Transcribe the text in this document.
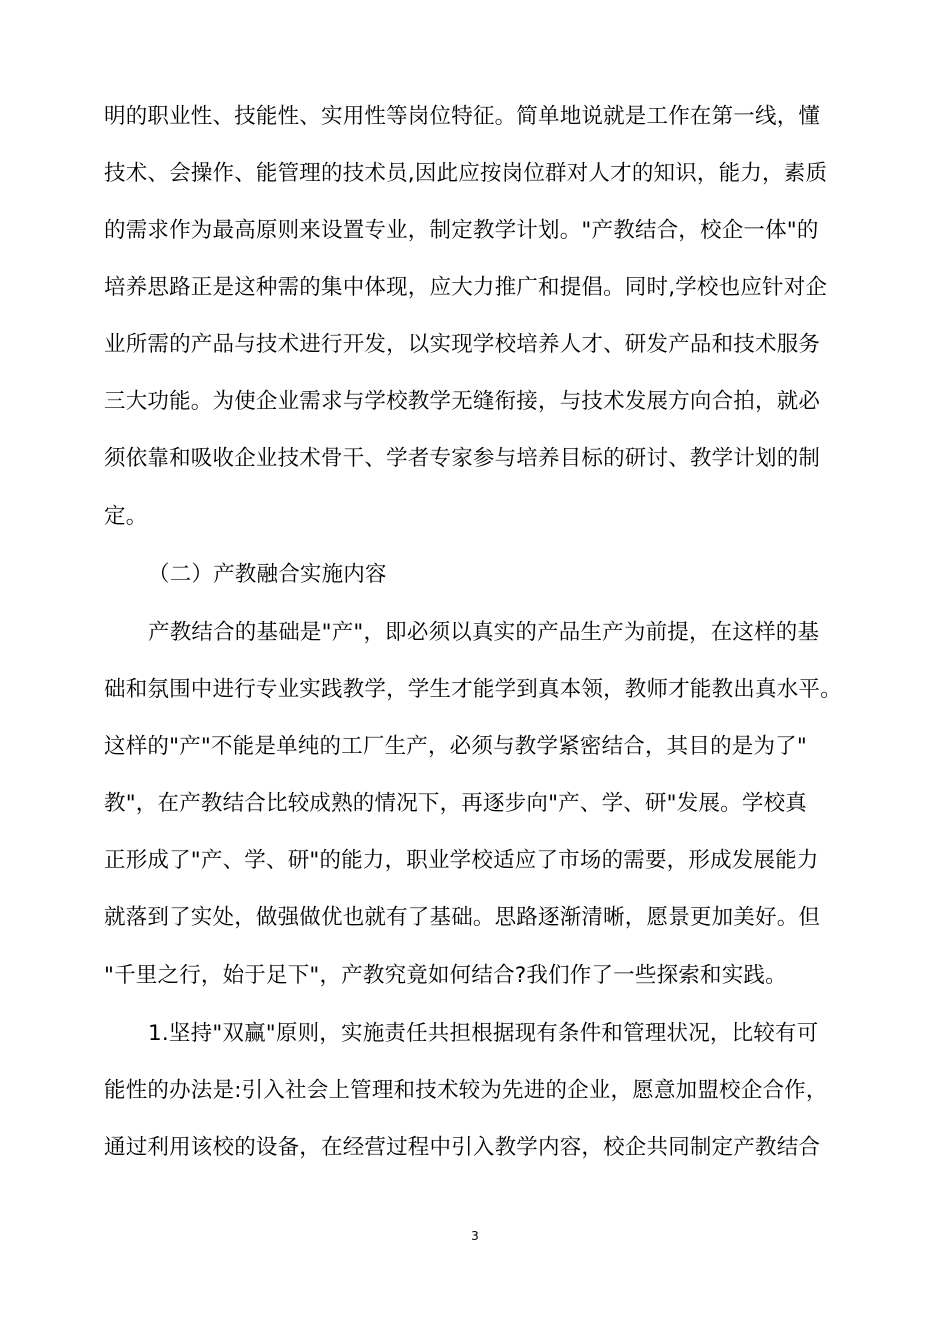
明的职业性、技能性、实用性等岗位特征。简单地说就是工作在第一线，懂
技术、会操作、能管理的技术员,因此应按岗位群对人才的知识，能力，素质
的需求作为最高原则来设置专业，制定教学计划。"产教结合，校企一体"的
培养思路正是这种需的集中体现，应大力推广和提倡。同时,学校也应针对企
业所需的产品与技术进行开发，以实现学校培养人才、研发产品和技术服务
三大功能。为使企业需求与学校教学无缝衔接，与技术发展方向合拍，就必
须依靠和吸收企业技术骨干、学者专家参与培养目标的研讨、教学计划的制
定。
（二）产教融合实施内容
产教结合的基础是"产"，即必须以真实的产品生产为前提，在这样的基
础和氛围中进行专业实践教学，学生才能学到真本领，教师才能教出真水平。
这样的"产"不能是单纯的工厂生产，必须与教学紧密结合，其目的是为了"
教"，在产教结合比较成熟的情况下，再逐步向"产、学、研"发展。学校真
正形成了"产、学、研"的能力，职业学校适应了市场的需要，形成发展能力
就落到了实处，做强做优也就有了基础。思路逐渐清晰，愿景更加美好。但
"千里之行，始于足下"，产教究竟如何结合?我们作了一些探索和实践。
1.坚持"双赢"原则，实施责任共担根据现有条件和管理状况，比较有可
能性的办法是:引入社会上管理和技术较为先进的企业，愿意加盟校企合作，
通过利用该校的设备，在经营过程中引入教学内容，校企共同制定产教结合
3
